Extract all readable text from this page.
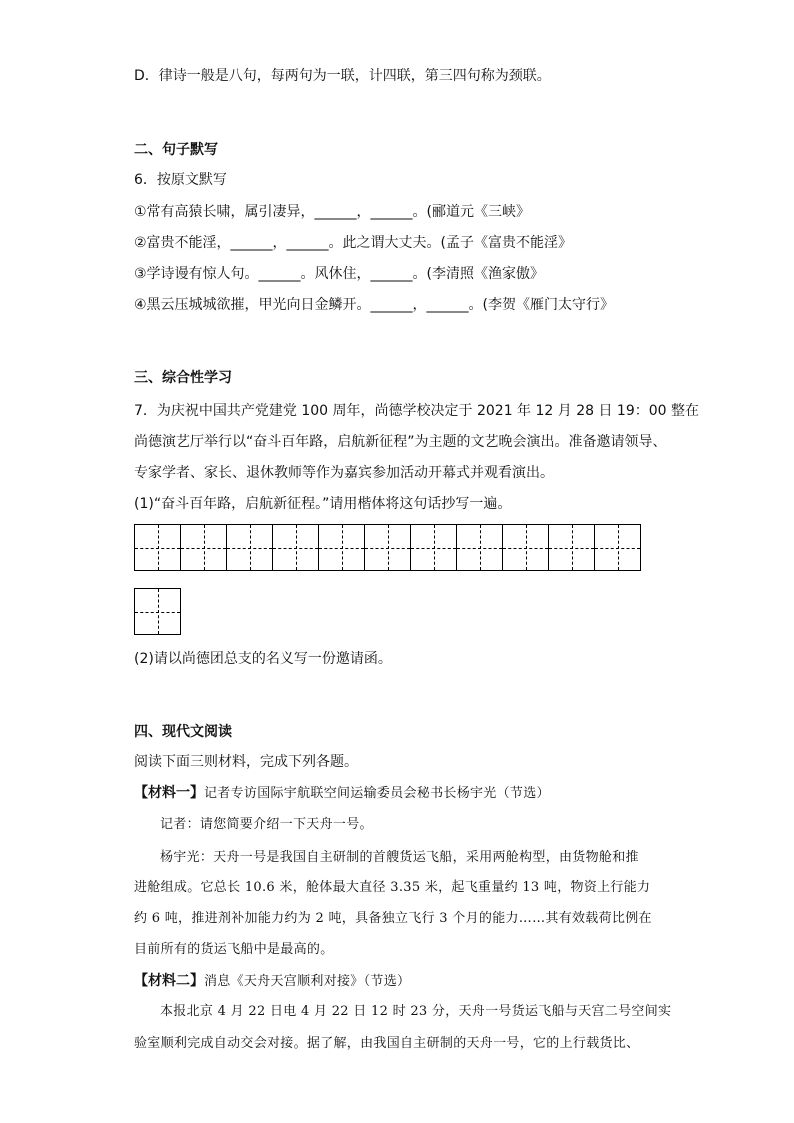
D．律诗一般是八句，每两句为一联，计四联，第三四句称为颈联。
二、句子默写
6．按原文默写
①常有高猿长啸，属引凄异，______，______。(郦道元《三峡》
②富贵不能淫，______，______。此之谓大丈夫。(孟子《富贵不能淫》
③学诗谩有惊人句。______。风休住，______。(李清照《渔家傲》
④黑云压城城欲摧，甲光向日金鳞开。______，______。(李贺《雁门太守行》
三、综合性学习
7．为庆祝中国共产党建党 100 周年，尚德学校决定于 2021 年 12 月 28 日 19：00 整在
尚德演艺厅举行以“奋斗百年路，启航新征程”为主题的文艺晚会演出。准备邀请领导、
专家学者、家长、退休教师等作为嘉宾参加活动开幕式并观看演出。
(1)“奋斗百年路，启航新征程。”请用楷体将这句话抄写一遍。
(2)请以尚德团总支的名义写一份邀请函。
四、现代文阅读
阅读下面三则材料，完成下列各题。
【材料一】记者专访国际宇航联空间运输委员会秘书长杨宇光（节选）
记者：请您简要介绍一下天舟一号。
杨宇光：天舟一号是我国自主研制的首艘货运飞船，采用两舱构型，由货物舱和推
进舱组成。它总长 10.6 米，舱体最大直径 3.35 米，起飞重量约 13 吨，物资上行能力
约 6 吨，推进剂补加能力约为 2 吨，具备独立飞行 3 个月的能力……其有效载荷比例在
目前所有的货运飞船中是最高的。
【材料二】消息《天舟天宫顺利对接》（节选）
本报北京 4 月 22 日电 4 月 22 日 12 时 23 分，天舟一号货运飞船与天宫二号空间实
验室顺利完成自动交会对接。据了解，由我国自主研制的天舟一号，它的上行载货比、
